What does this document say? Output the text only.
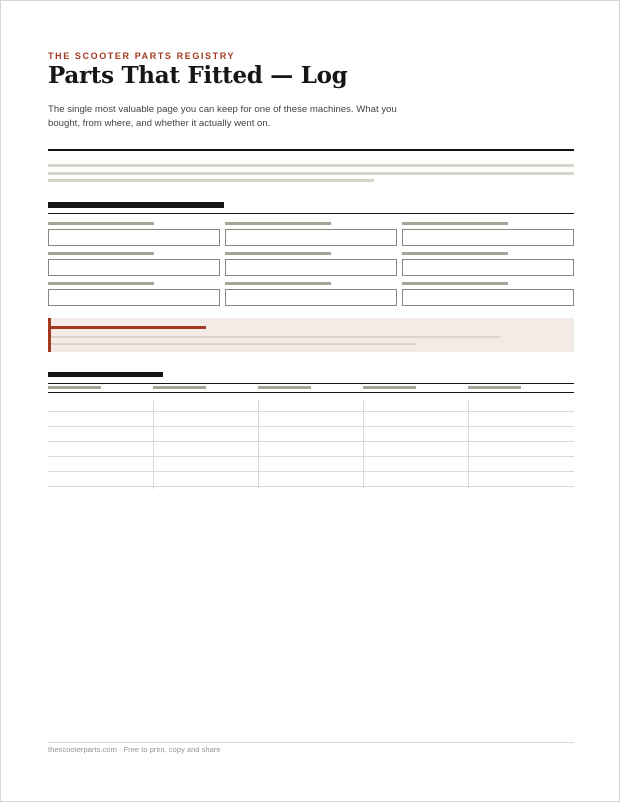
THE SCOOTER PARTS REGISTRY
Parts That Fitted — Log
The single most valuable page you can keep for one of these machines. What you bought, from where, and whether it actually went on.
thescooterparts.com · Free to print, copy and share
